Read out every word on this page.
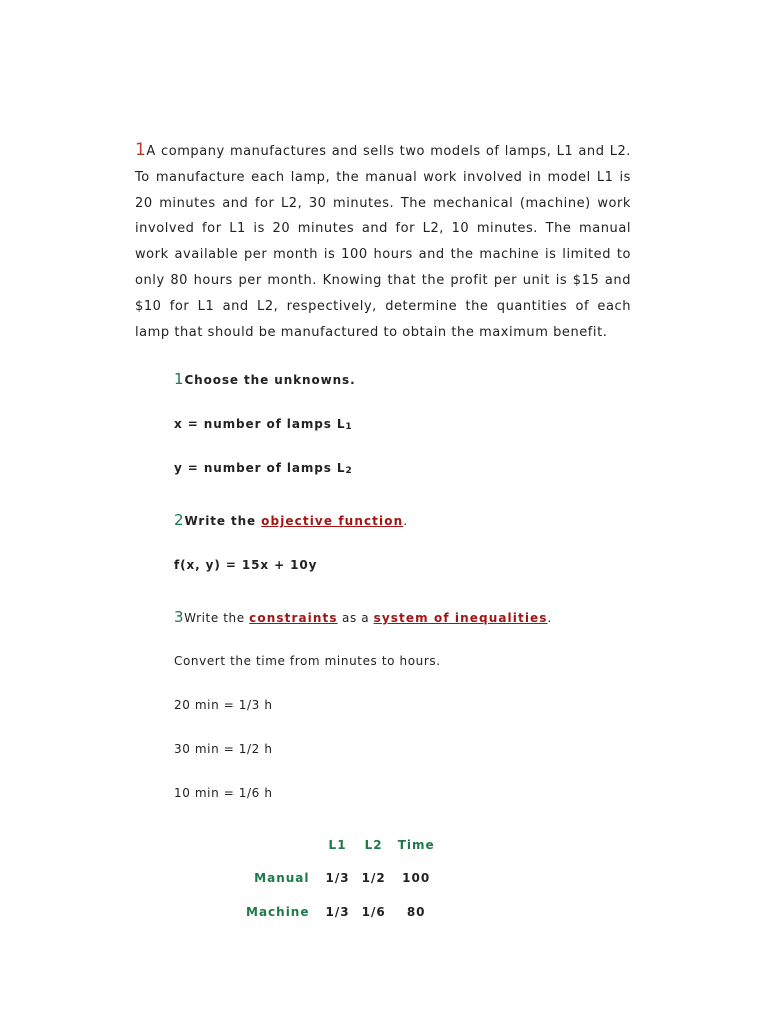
1A company manufactures and sells two models of lamps, L1 and L2. To manufacture each lamp, the manual work involved in model L1 is 20 minutes and for L2, 30 minutes. The mechanical (machine) work involved for L1 is 20 minutes and for L2, 10 minutes. The manual work available per month is 100 hours and the machine is limited to only 80 hours per month. Knowing that the profit per unit is $15 and $10 for L1 and L2, respectively, determine the quantities of each lamp that should be manufactured to obtain the maximum benefit.

1Choose the unknowns.

x = number of lamps L1

y = number of lamps L2

2Write the objective function.

f(x, y) = 15x + 10y

3Write the constraints as a system of inequalities.

Convert the time from minutes to hours.

20 min = 1/3 h

30 min = 1/2 h

10 min = 1/6 h

	L1	L2	Time
Manual	1/3	1/2	100
Machine	1/3	1/6	80
